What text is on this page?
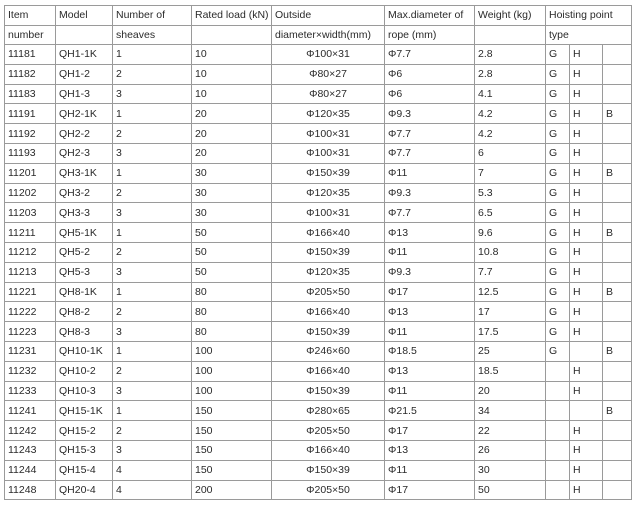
Item	Model	Number of	Rated load (kN)	Outside	Max.diameter of	Weight (kg)	Hoisting point		
number		sheaves		diameter×width(mm)	rope (mm)		type		
11181	QH1-1K	1	10	Φ100×31	Φ7.7	2.8	G	H	
11182	QH1-2	2	10	Φ80×27	Φ6	2.8	G	H	
11183	QH1-3	3	10	Φ80×27	Φ6	4.1	G	H	
11191	QH2-1K	1	20	Φ120×35	Φ9.3	4.2	G	H	B
11192	QH2-2	2	20	Φ100×31	Φ7.7	4.2	G	H	
11193	QH2-3	3	20	Φ100×31	Φ7.7	6	G	H	
11201	QH3-1K	1	30	Φ150×39	Φ11	7	G	H	B
11202	QH3-2	2	30	Φ120×35	Φ9.3	5.3	G	H	
11203	QH3-3	3	30	Φ100×31	Φ7.7	6.5	G	H	
11211	QH5-1K	1	50	Φ166×40	Φ13	9.6	G	H	B
11212	QH5-2	2	50	Φ150×39	Φ11	10.8	G	H	
11213	QH5-3	3	50	Φ120×35	Φ9.3	7.7	G	H	
11221	QH8-1K	1	80	Φ205×50	Φ17	12.5	G	H	B
11222	QH8-2	2	80	Φ166×40	Φ13	17	G	H	
11223	QH8-3	3	80	Φ150×39	Φ11	17.5	G	H	
11231	QH10-1K	1	100	Φ246×60	Φ18.5	25	G		B
11232	QH10-2	2	100	Φ166×40	Φ13	18.5		H	
11233	QH10-3	3	100	Φ150×39	Φ11	20		H	
11241	QH15-1K	1	150	Φ280×65	Φ21.5	34			B
11242	QH15-2	2	150	Φ205×50	Φ17	22		H	
11243	QH15-3	3	150	Φ166×40	Φ13	26		H	
11244	QH15-4	4	150	Φ150×39	Φ11	30		H	
11248	QH20-4	4	200	Φ205×50	Φ17	50		H	
